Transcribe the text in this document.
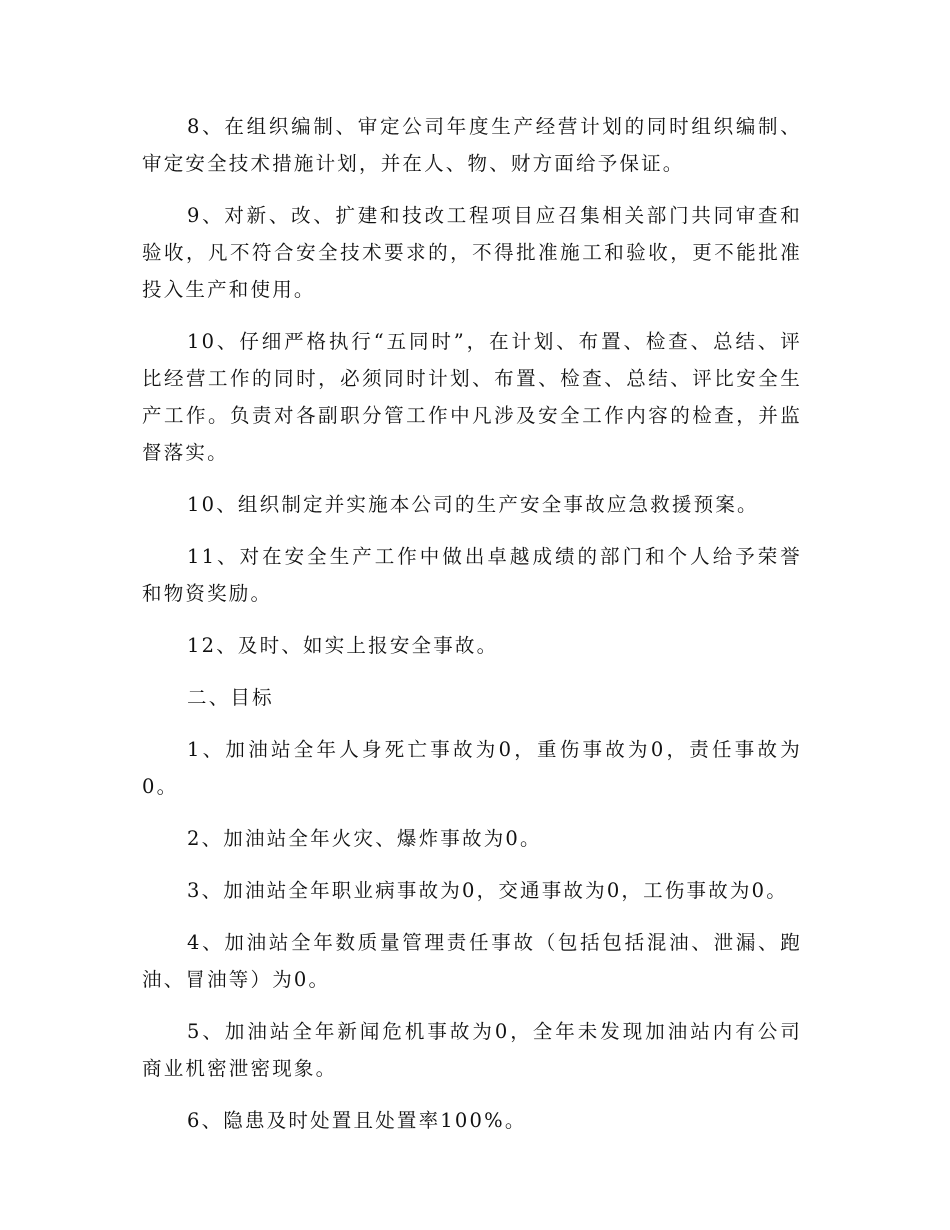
8、在组织编制、审定公司年度生产经营计划的同时组织编制、审定安全技术措施计划，并在人、物、财方面给予保证。

9、对新、改、扩建和技改工程项目应召集相关部门共同审查和验收，凡不符合安全技术要求的，不得批准施工和验收，更不能批准投入生产和使用。

10、仔细严格执行“五同时”，在计划、布置、检查、总结、评比经营工作的同时，必须同时计划、布置、检查、总结、评比安全生产工作。负责对各副职分管工作中凡涉及安全工作内容的检查，并监督落实。

10、组织制定并实施本公司的生产安全事故应急救援预案。

11、对在安全生产工作中做出卓越成绩的部门和个人给予荣誉和物资奖励。

12、及时、如实上报安全事故。

二、目标

1、加油站全年人身死亡事故为0，重伤事故为0，责任事故为0。

2、加油站全年火灾、爆炸事故为0。

3、加油站全年职业病事故为0，交通事故为0，工伤事故为0。

4、加油站全年数质量管理责任事故（包括包括混油、泄漏、跑油、冒油等）为0。

5、加油站全年新闻危机事故为0，全年未发现加油站内有公司商业机密泄密现象。

6、隐患及时处置且处置率100%。
